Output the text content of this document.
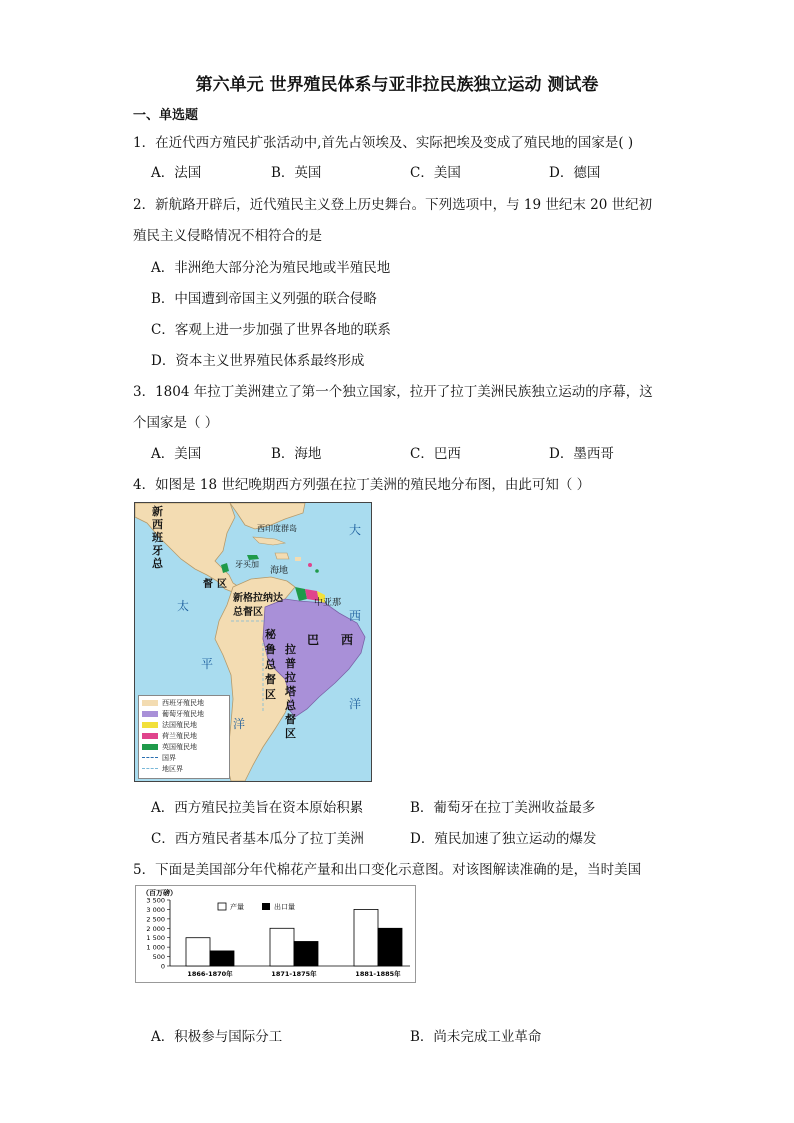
第六单元 世界殖民体系与亚非拉民族独立运动 测试卷
一、单选题
1．在近代西方殖民扩张活动中,首先占领埃及、实际把埃及变成了殖民地的国家是( )
A．法国	B．英国	C．美国	D．德国
2．新航路开辟后，近代殖民主义登上历史舞台。下列选项中，与 19 世纪末 20 世纪初
殖民主义侵略情况不相符合的是
A．非洲绝大部分沦为殖民地或半殖民地
B．中国遭到帝国主义列强的联合侵略
C．客观上进一步加强了世界各地的联系
D．资本主义世界殖民体系最终形成
3．1804 年拉丁美洲建立了第一个独立国家，拉开了拉丁美洲民族独立运动的序幕，这
个国家是（ ）
A．美国	B．海地	C．巴西	D．墨西哥
4．如图是 18 世纪晚期西方列强在拉丁美洲的殖民地分布图，由此可知（ ）
新
西
班
牙
总
督 区
西印度群岛
牙买加
海地
新格拉纳达
总督区
中亚那
巴 西
秘
鲁
总
督
区
拉
普
拉
塔
总
督
区
大
西
洋
太
平
洋
西班牙殖民地
葡萄牙殖民地
法国殖民地
荷兰殖民地
英国殖民地
国界
地区界
A．西方殖民拉美旨在资本原始积累	B．葡萄牙在拉丁美洲收益最多
C．西方殖民者基本瓜分了拉丁美洲	D．殖民加速了独立运动的爆发
5．下面是美国部分年代棉花产量和出口变化示意图。对该图解读准确的是，当时美国
（百万磅）
产量	出口量
0
500
1 000
1 500
2 000
2 500
3 000
3 500
1866-1870年	1871-1875年	1881-1885年
A．积极参与国际分工	B．尚未完成工业革命
